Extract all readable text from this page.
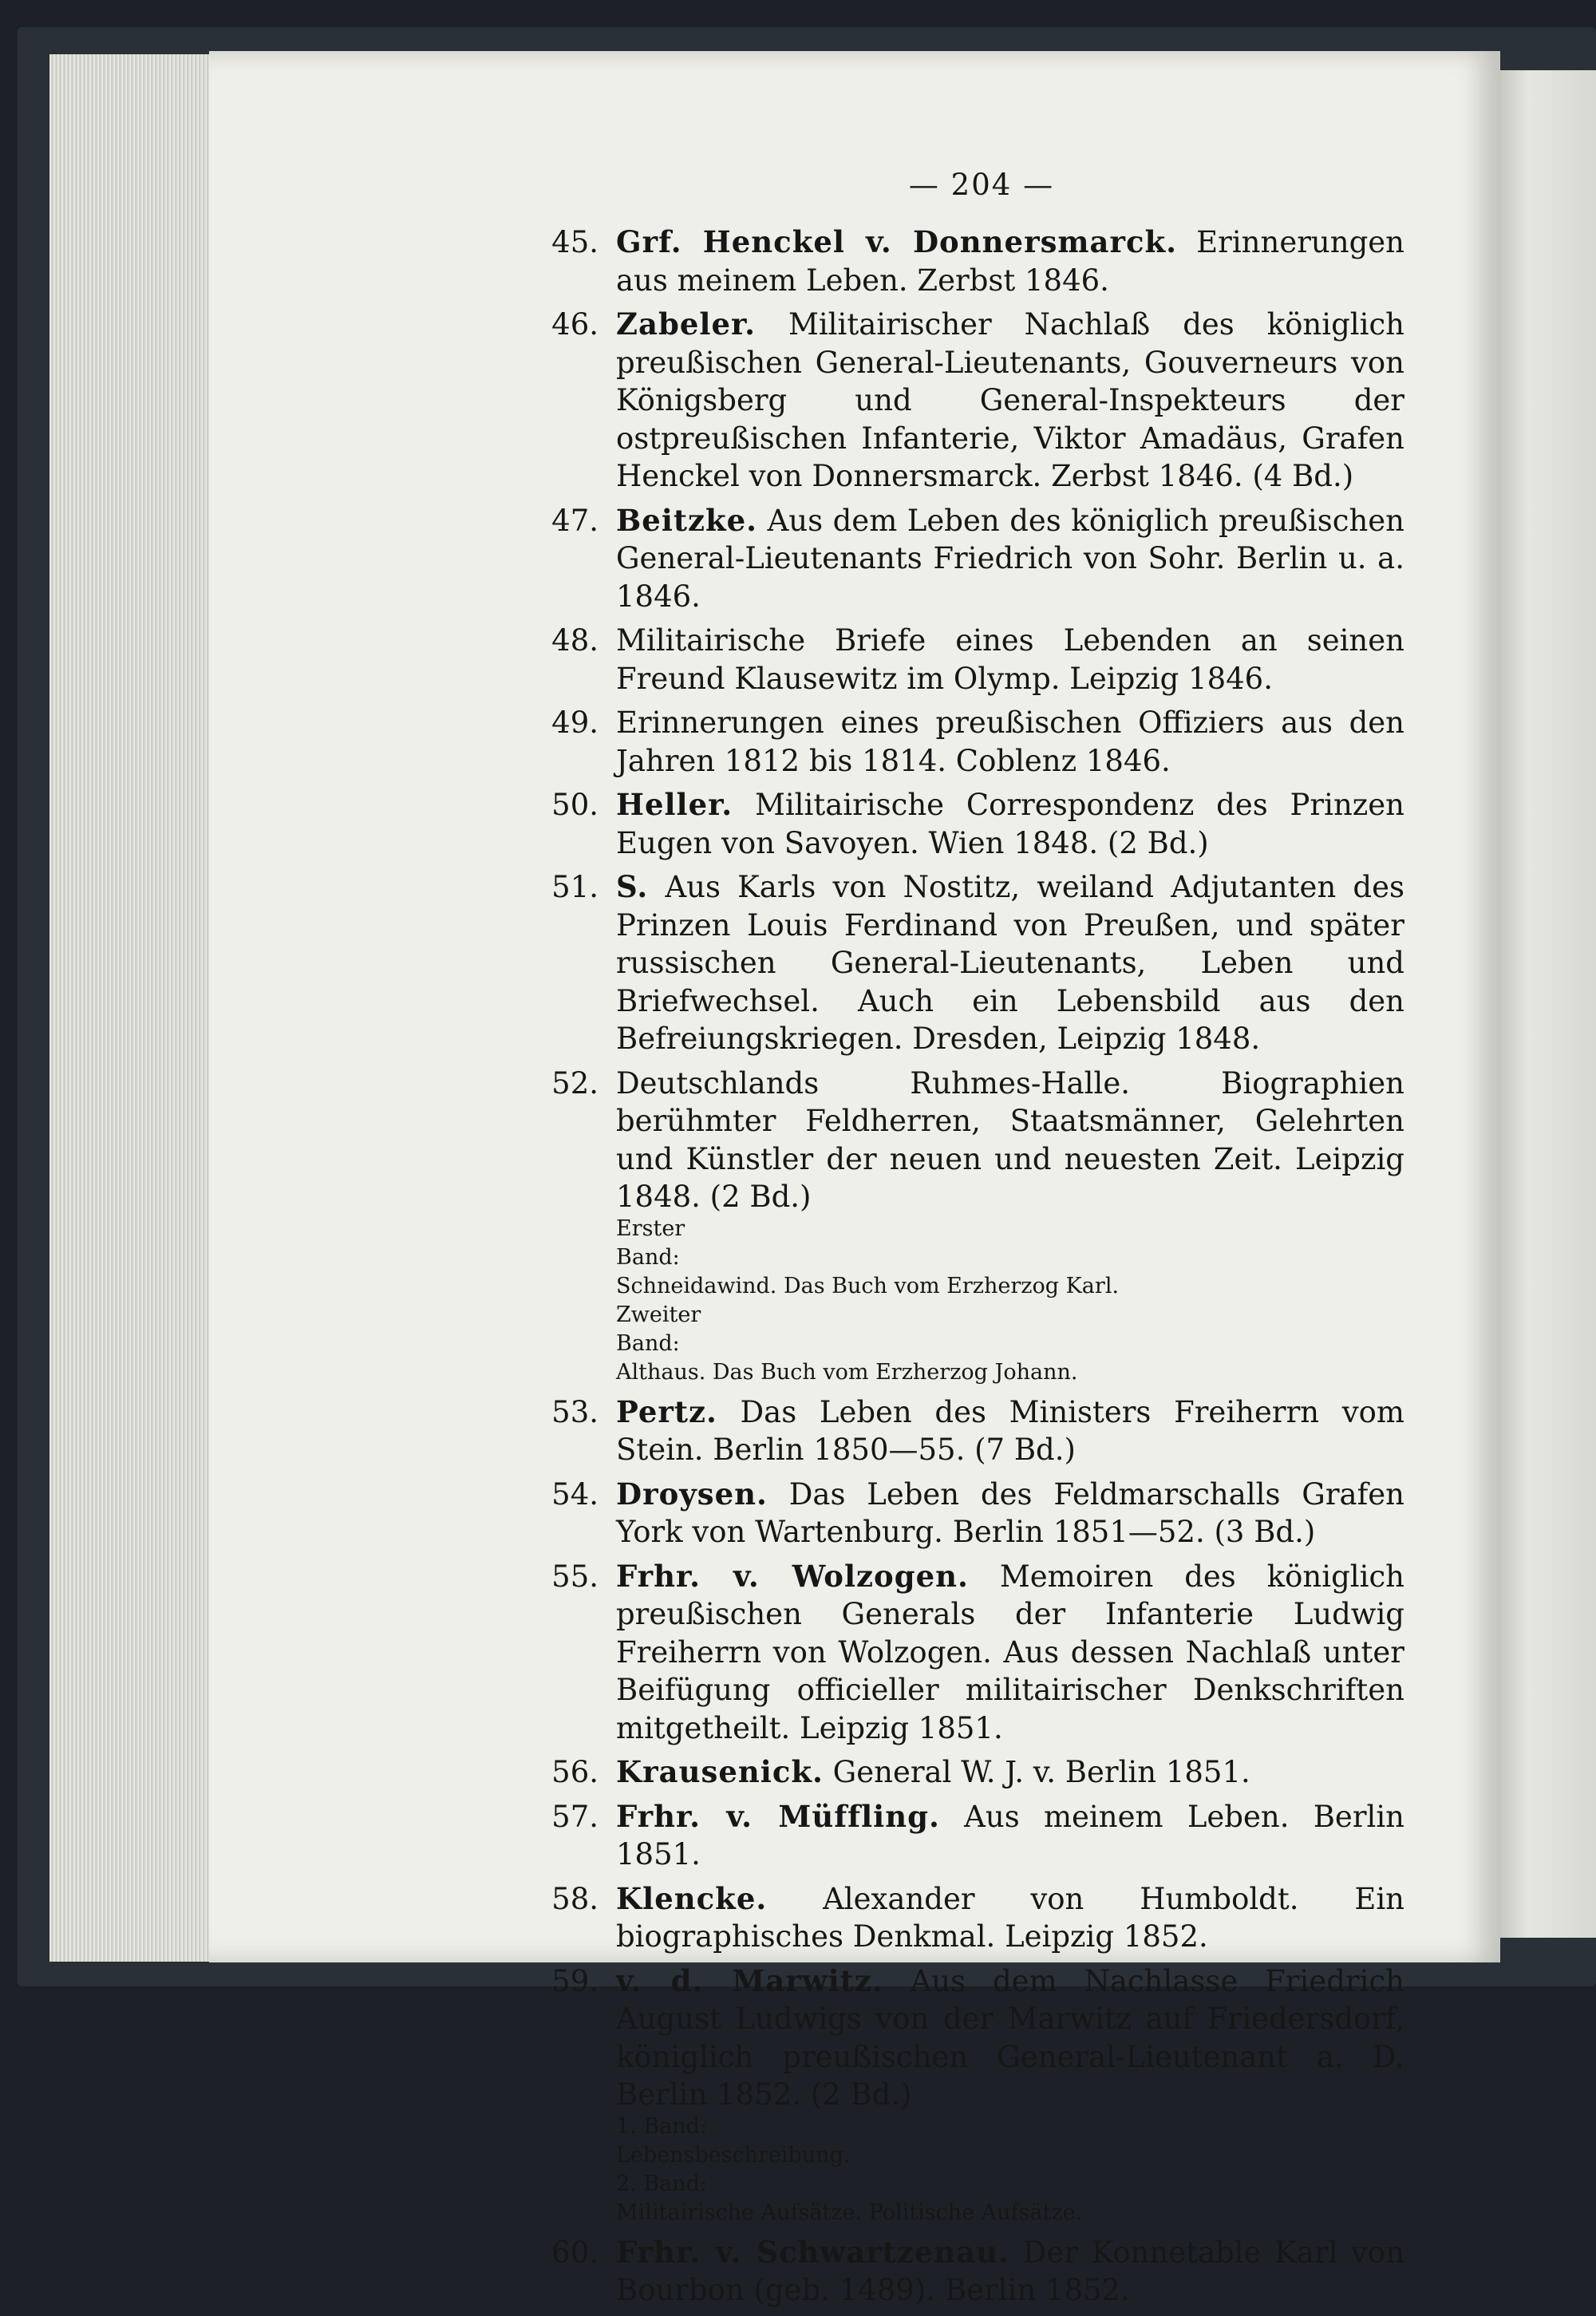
— 204 —
45. Grf. Henckel v. Donnersmarck. Erinnerungen aus meinem Leben. Zerbst 1846.
46. Zabeler. Militairischer Nachlaß des königlich preußischen General-Lieutenants, Gouverneurs von Königsberg und General-Inspekteurs der ostpreußischen Infanterie, Viktor Amadäus, Grafen Henckel von Donnersmarck. Zerbst 1846. (4 Bd.)
47. Beitzke. Aus dem Leben des königlich preußischen General-Lieutenants Friedrich von Sohr. Berlin u. a. 1846.
48. Militairische Briefe eines Lebenden an seinen Freund Klausewitz im Olymp. Leipzig 1846.
49. Erinnerungen eines preußischen Offiziers aus den Jahren 1812 bis 1814. Coblenz 1846.
50. Heller. Militairische Correspondenz des Prinzen Eugen von Savoyen. Wien 1848. (2 Bd.)
51. S. Aus Karls von Nostitz, weiland Adjutanten des Prinzen Louis Ferdinand von Preußen, und später russischen General-Lieutenants, Leben und Briefwechsel. Auch ein Lebensbild aus den Befreiungskriegen. Dresden, Leipzig 1848.
52. Deutschlands Ruhmes-Halle. Biographien berühmter Feldherren, Staatsmänner, Gelehrten und Künstler der neuen und neuesten Zeit. Leipzig 1848. (2 Bd.)
Erster Band:
Schneidawind. Das Buch vom Erzherzog Karl.
Zweiter Band:
Althaus. Das Buch vom Erzherzog Johann.
53. Pertz. Das Leben des Ministers Freiherrn vom Stein. Berlin 1850—55. (7 Bd.)
54. Droysen. Das Leben des Feldmarschalls Grafen York von Wartenburg. Berlin 1851—52. (3 Bd.)
55. Frhr. v. Wolzogen. Memoiren des königlich preußischen Generals der Infanterie Ludwig Freiherrn von Wolzogen. Aus dessen Nachlaß unter Beifügung officieller militairischer Denkschriften mitgetheilt. Leipzig 1851.
56. Krausenick. General W. J. v. Berlin 1851.
57. Frhr. v. Müffling. Aus meinem Leben. Berlin 1851.
58. Klencke. Alexander von Humboldt. Ein biographisches Denkmal. Leipzig 1852.
59. v. d. Marwitz. Aus dem Nachlasse Friedrich August Ludwigs von der Marwitz auf Friedersdorf, königlich preußischen General-Lieutenant a. D. Berlin 1852. (2 Bd.)
1. Band:
Lebensbeschreibung.
2. Band:
Militairische Aufsätze. Politische Aufsätze.
60. Frhr. v. Schwartzenau. Der Konnetable Karl von Bourbon (geb. 1489). Berlin 1852.
